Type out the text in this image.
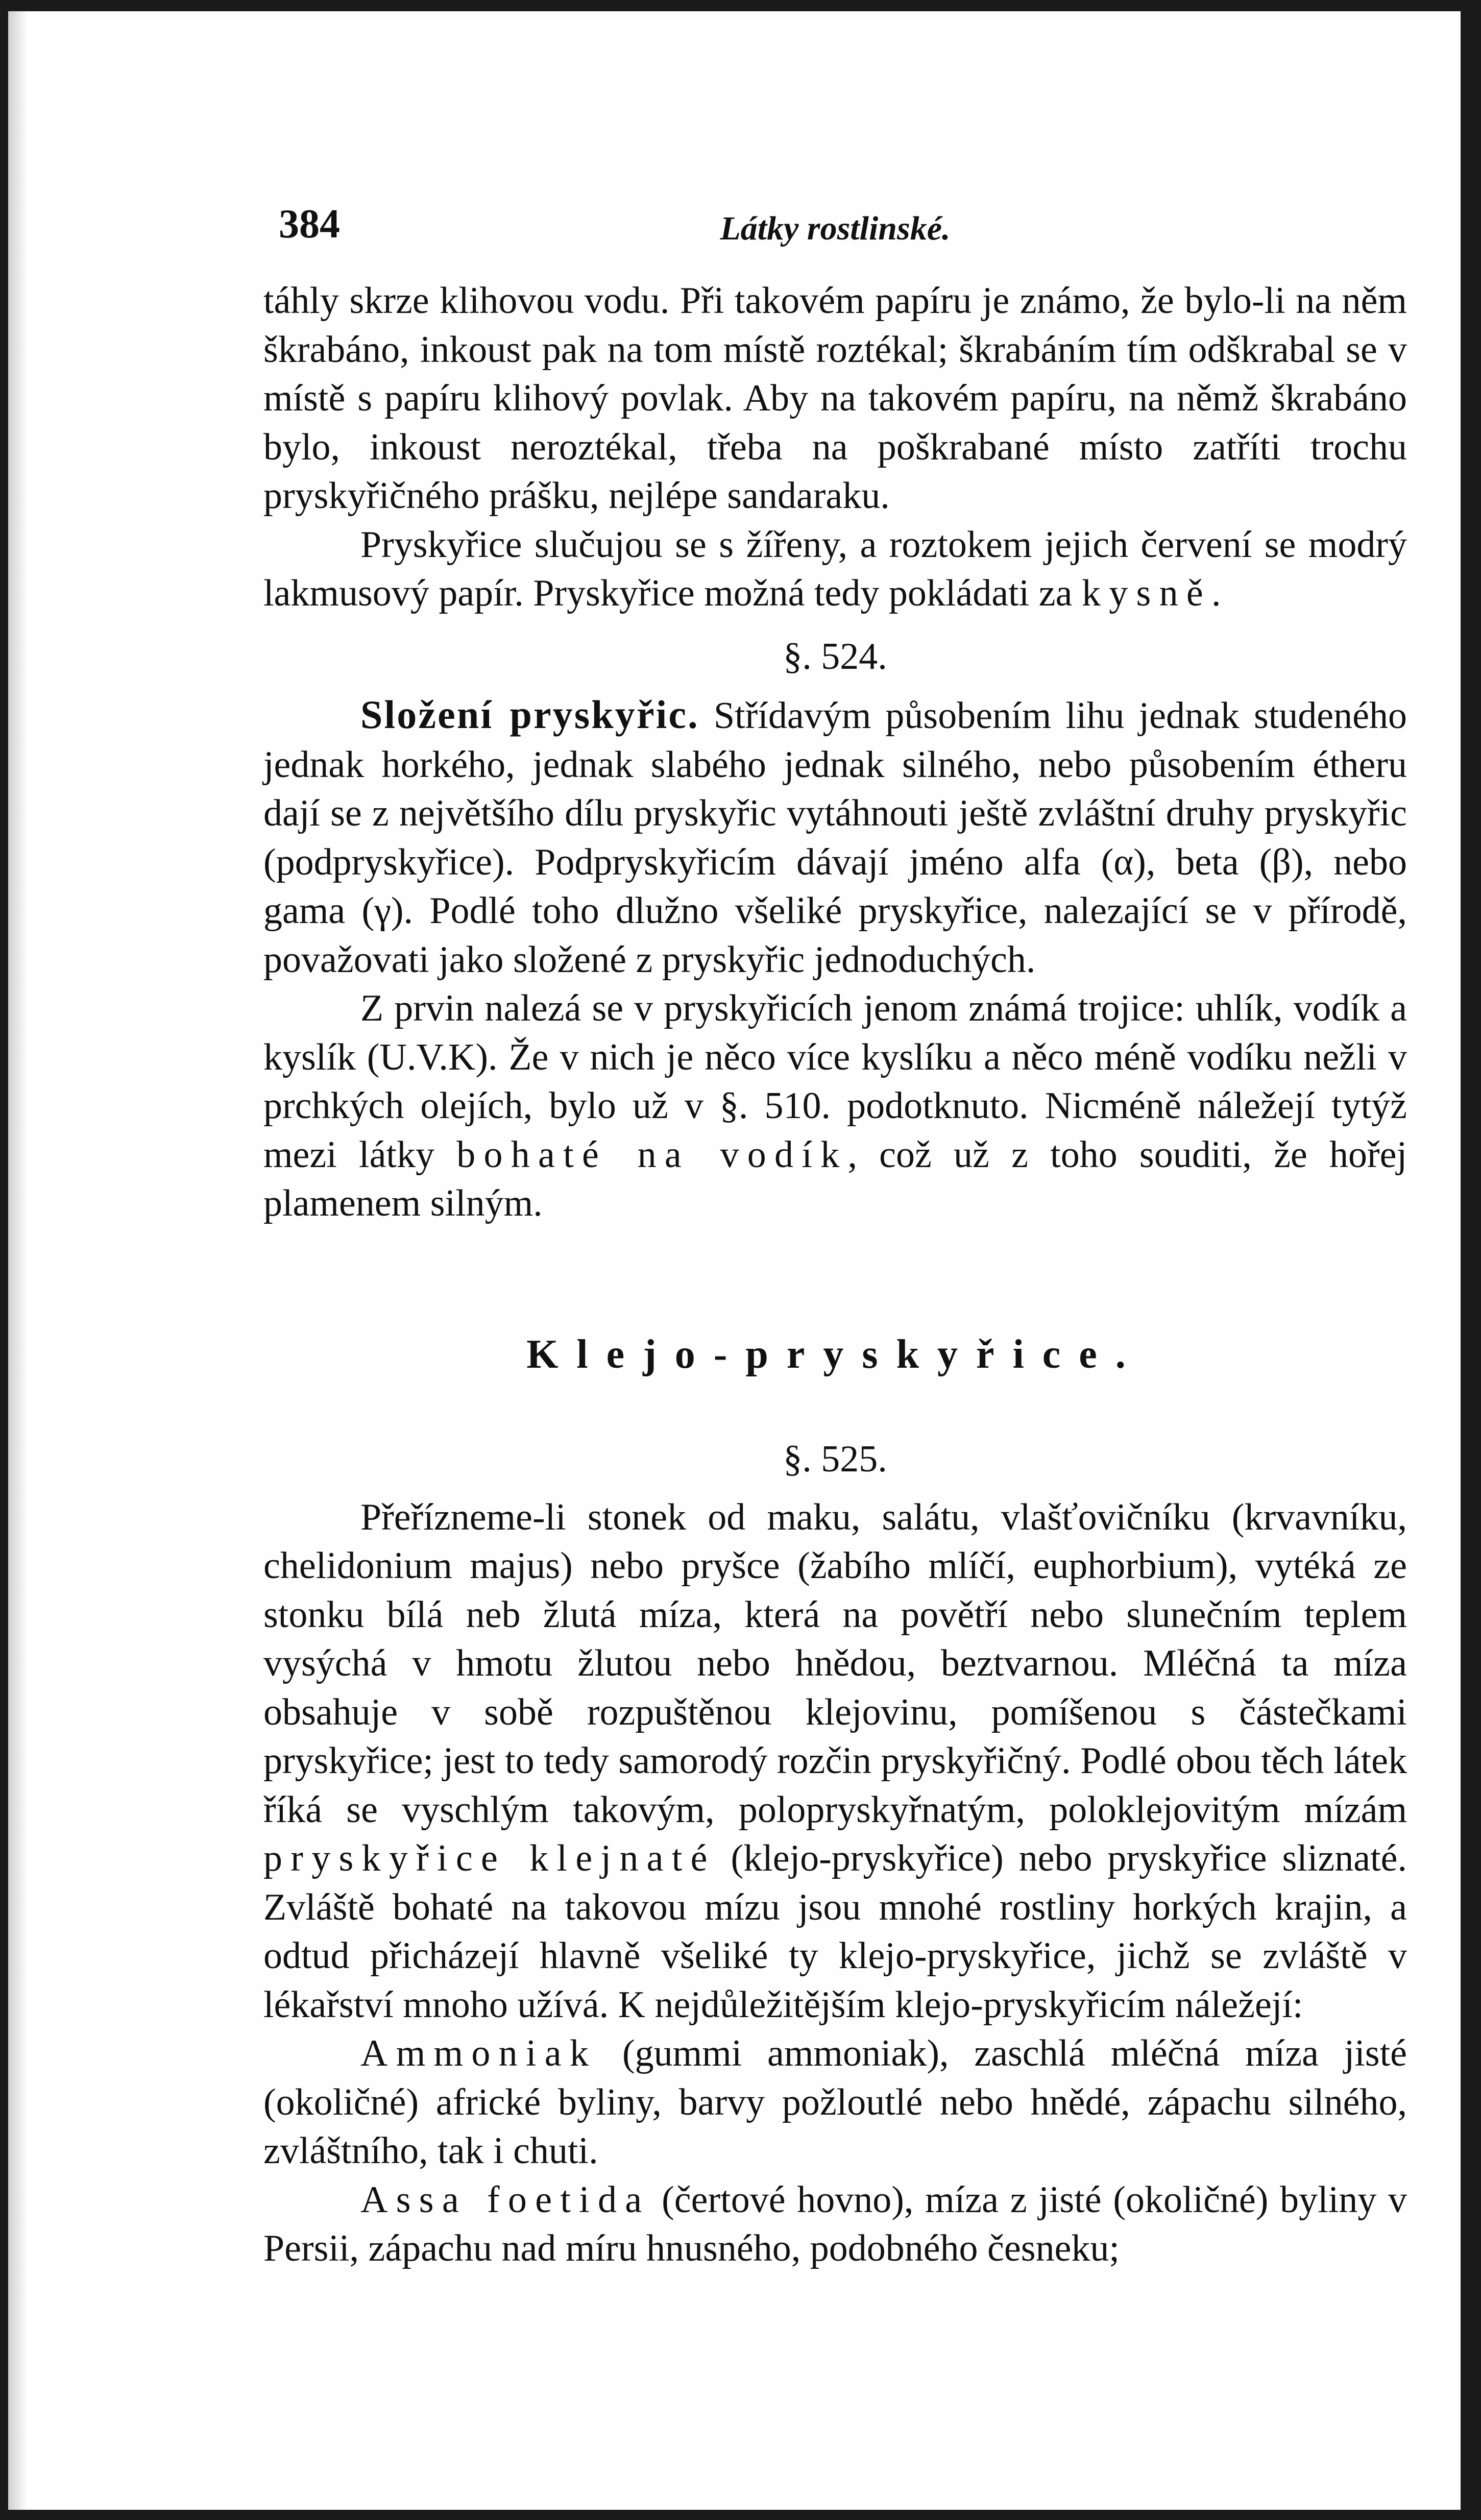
384	Látky rostlinské.

táhly skrze klihovou vodu. Při takovém papíru je známo, že bylo-li na něm škrabáno, inkoust pak na tom místě roztékal; škrabáním tím odškrabal se v místě s papíru klihový povlak. Aby na takovém papíru, na němž škrabáno bylo, inkoust neroztékal, třeba na poškrabané místo zatříti trochu pryskyřičného prášku, nejlépe sandaraku.

Pryskyřice slučujou se s žířeny, a roztokem jejich červení se modrý lakmusový papír. Pryskyřice možná tedy pokládati za kysně.

§. 524.

Složení pryskyřic. Střídavým působením lihu jednak studeného jednak horkého, jednak slabého jednak silného, nebo působením étheru dají se z největšího dílu pryskyřic vytáhnouti ještě zvláštní druhy pryskyřic (podpryskyřice). Podpryskyřicím dávají jméno alfa (α), beta (β), nebo gama (γ). Podlé toho dlužno všeliké pryskyřice, nalezající se v přírodě, považovati jako složené z pryskyřic jednoduchých.

Z prvin nalezá se v pryskyřicích jenom známá trojice: uhlík, vodík a kyslík (U.V.K). Že v nich je něco více kyslíku a něco méně vodíku nežli v prchkých olejích, bylo už v §. 510. podotknuto. Nicméně náležejí tytýž mezi látky bohaté na vodík, což už z toho souditi, že hořej plamenem silným.

Klejo-pryskyřice.
§. 525.

Přeřízneme-li stonek od maku, salátu, vlašťovičníku (krvavníku, chelidonium majus) nebo pryšce (žabího mlíčí, euphorbium), vytéká ze stonku bílá neb žlutá míza, která na povětří nebo slunečním teplem vysýchá v hmotu žlutou nebo hnědou, beztvarnou. Mléčná ta míza obsahuje v sobě rozpuštěnou klejovinu, pomíšenou s částečkami pryskyřice; jest to tedy samorodý rozčin pryskyřičný. Podlé obou těch látek říká se vyschlým takovým, polopryskyřnatým, poloklejovitým mízám pryskyřice klejnaté (klejo-pryskyřice) nebo pryskyřice sliznaté. Zvláště bohaté na takovou mízu jsou mnohé rostliny horkých krajin, a odtud přicházejí hlavně všeliké ty klejo-pryskyřice, jichž se zvláště v lékařství mnoho užívá. K nejdůležitějším klejo-pryskyřicím náležejí:

Ammoniak (gummi ammoniak), zaschlá mléčná míza jisté (okoličné) africké byliny, barvy požloutlé nebo hnědé, zápachu silného, zvláštního, tak i chuti.

Assa foetida (čertové hovno), míza z jisté (okoličné) byliny v Persii, zápachu nad míru hnusného, podobného česneku;
